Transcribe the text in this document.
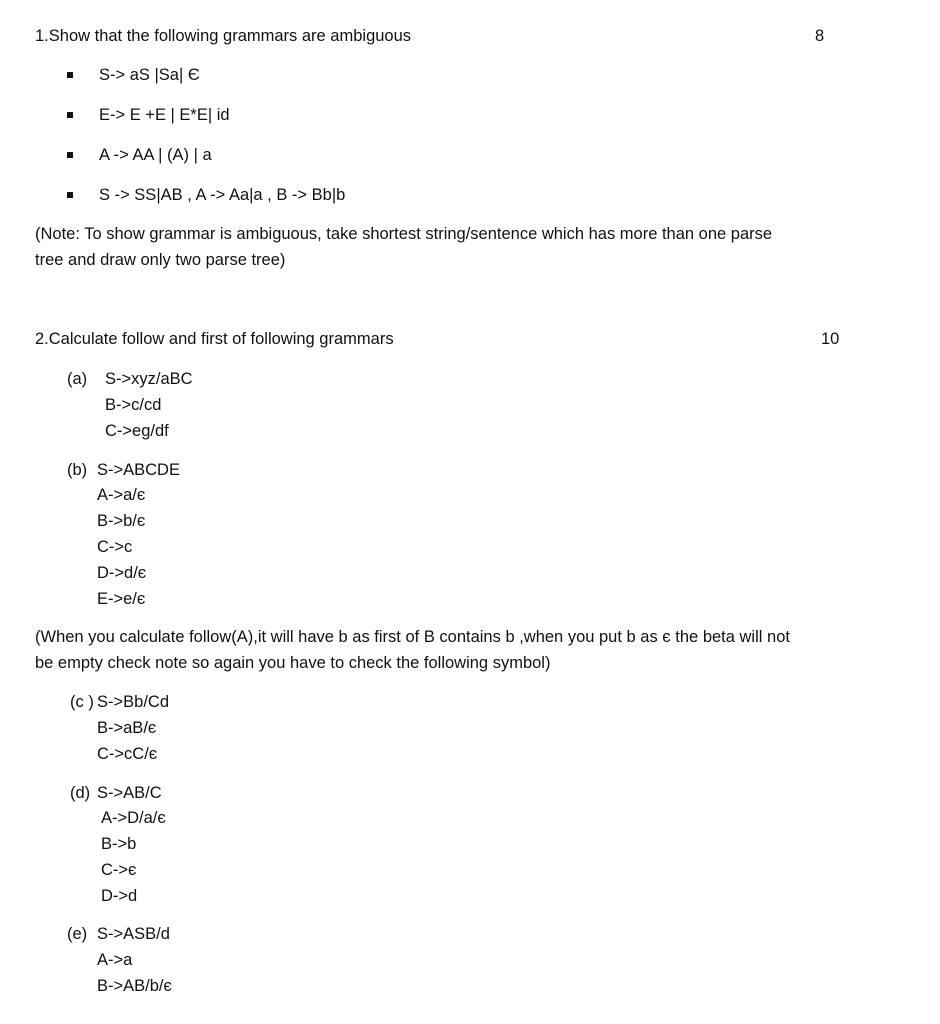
1.Show that the following grammars are ambiguous	8
S-> aS |Sa| Є
E-> E +E | E*E| id
A -> AA | (A) | a
S -> SS|AB , A -> Aa|a , B -> Bb|b
(Note: To show grammar is ambiguous, take shortest string/sentence which has more than one parse
tree and draw only two parse tree)
2.Calculate follow and first of following grammars	10
(a) S->xyz/aBC
B->c/cd
C->eg/df
(b) S->ABCDE
A->a/є
B->b/є
C->c
D->d/є
E->e/є
(When you calculate follow(A),it will have b as first of B contains b ,when you put b as є the beta will not
be empty check note so again you have to check the following symbol)
(c ) S->Bb/Cd
B->aB/є
C->cC/є
(d) S->AB/C
A->D/a/є
B->b
C->є
D->d
(e) S->ASB/d
A->a
B->AB/b/є
